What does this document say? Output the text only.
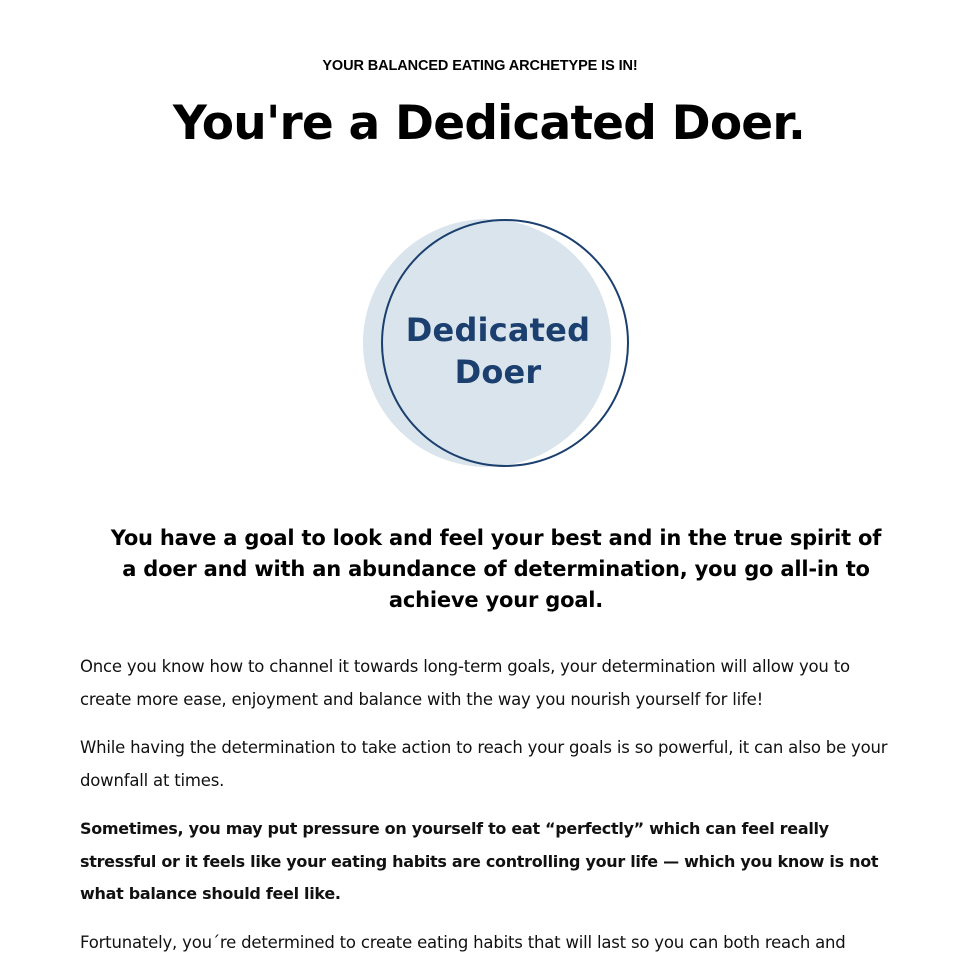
YOUR BALANCED EATING ARCHETYPE IS IN!
You're a Dedicated Doer.
Dedicated
Doer

You have a goal to look and feel your best and in the true spirit of a doer and with an abundance of determination, you go all-in to achieve your goal.

Once you know how to channel it towards long-term goals, your determination will allow you to create more ease, enjoyment and balance with the way you nourish yourself for life!

While having the determination to take action to reach your goals is so powerful, it can also be your downfall at times.

Sometimes, you may put pressure on yourself to eat “perfectly” which can feel really stressful or it feels like your eating habits are controlling your life — which you know is not what balance should feel like.

Fortunately, you´re determined to create eating habits that will last so you can both reach and
